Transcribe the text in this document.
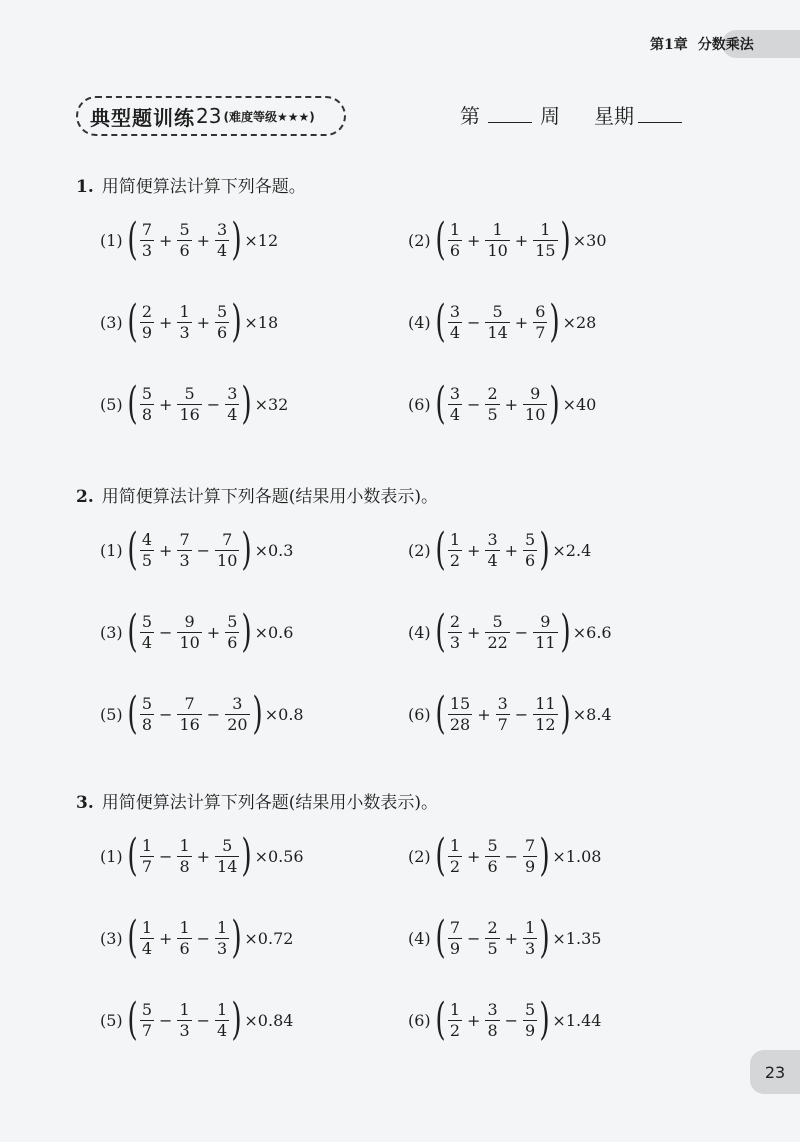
第1章 分数乘法
典型题训练 23 (难度等级★★★)	第	周 星期
1. 用简便算法计算下列各题。
(1) ( $\frac{7}{3} + \frac{5}{6} + \frac{3}{4}$ ) ×12	(2) ( $\frac{1}{6} + \frac{1}{10} + \frac{1}{15}$ ) ×30
(3) ( $\frac{2}{9} + \frac{1}{3} + \frac{5}{6}$ ) ×18	(4) ( $\frac{3}{4} - \frac{5}{14} + \frac{6}{7}$ ) ×28
(5) ( $\frac{5}{8} + \frac{5}{16} - \frac{3}{4}$ ) ×32	(6) ( $\frac{3}{4} - \frac{2}{5} + \frac{9}{10}$ ) ×40
2. 用简便算法计算下列各题(结果用小数表示)。
(1) ( $\frac{4}{5} + \frac{7}{3} - \frac{7}{10}$ ) ×0.3	(2) ( $\frac{1}{2} + \frac{3}{4} + \frac{5}{6}$ ) ×2.4
(3) ( $\frac{5}{4} - \frac{9}{10} + \frac{5}{6}$ ) ×0.6	(4) ( $\frac{2}{3} + \frac{5}{22} - \frac{9}{11}$ ) ×6.6
(5) ( $\frac{5}{8} - \frac{7}{16} - \frac{3}{20}$ ) ×0.8	(6) ( $\frac{15}{28} + \frac{3}{7} - \frac{11}{12}$ ) ×8.4
3. 用简便算法计算下列各题(结果用小数表示)。
(1) ( $\frac{1}{7} - \frac{1}{8} + \frac{5}{14}$ ) ×0.56	(2) ( $\frac{1}{2} + \frac{5}{6} - \frac{7}{9}$ ) ×1.08
(3) ( $\frac{1}{4} + \frac{1}{6} - \frac{1}{3}$ ) ×0.72	(4) ( $\frac{7}{9} - \frac{2}{5} + \frac{1}{3}$ ) ×1.35
(5) ( $\frac{5}{7} - \frac{1}{3} - \frac{1}{4}$ ) ×0.84	(6) ( $\frac{1}{2} + \frac{3}{8} - \frac{5}{9}$ ) ×1.44
23
